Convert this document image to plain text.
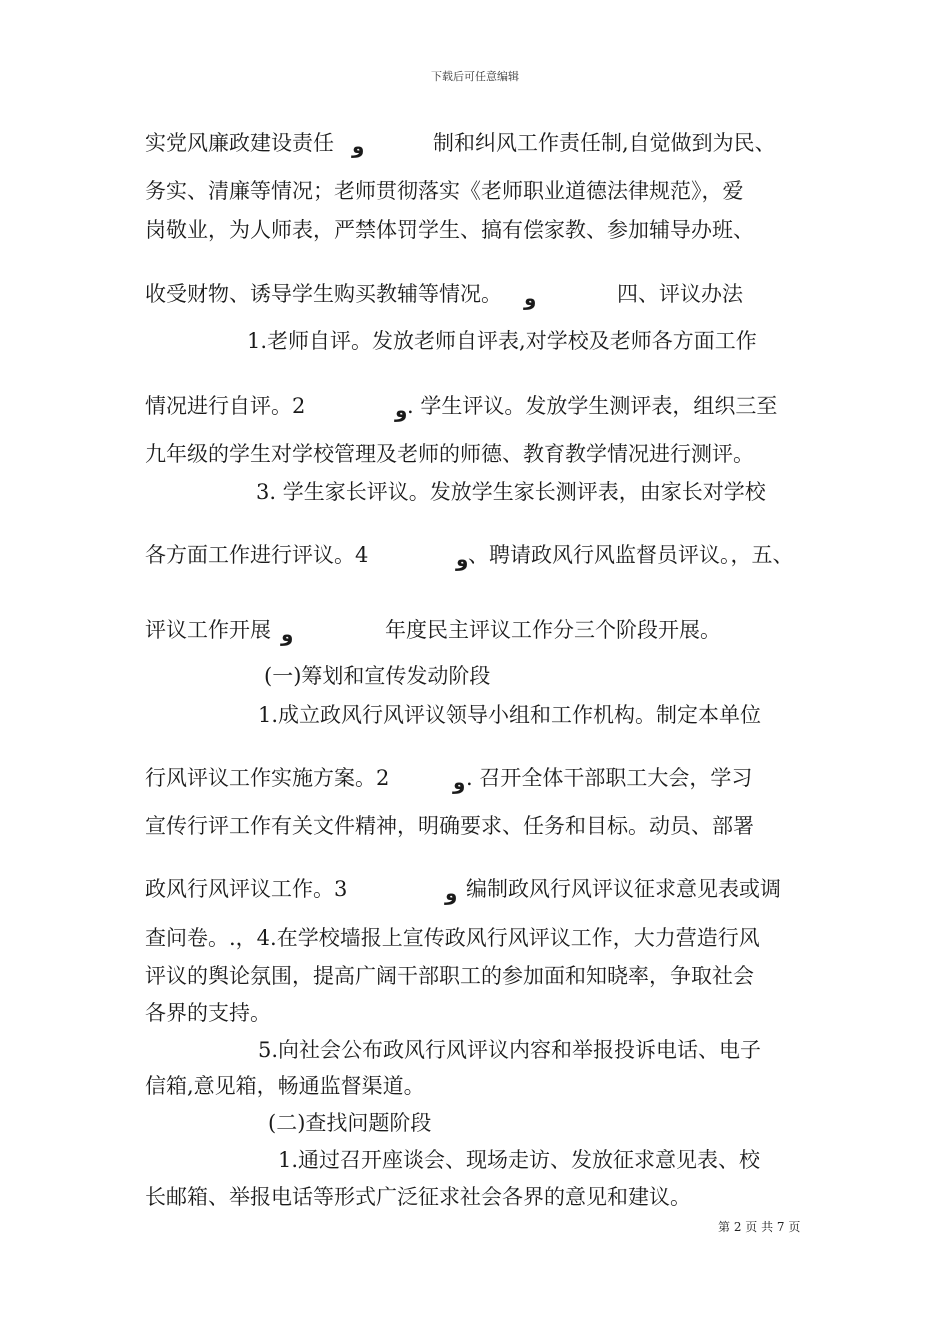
下载后可任意编辑
实党风廉政建设责任 و	制和纠风工作责任制,自觉做到为民、
务实、清廉等情况；老师贯彻落实《老师职业道德法律规范》，爱
岗敬业，为人师表，严禁体罚学生、搞有偿家教、参加辅导办班、
收受财物、诱导学生购买教辅等情况。 و	四、评议办法
1.老师自评。发放老师自评表,对学校及老师各方面工作
情况进行自评。2	و . 学生评议。发放学生测评表，组织三至
九年级的学生对学校管理及老师的师德、教育教学情况进行测评。
3. 学生家长评议。发放学生家长测评表，由家长对学校
各方面工作进行评议。4	و 、聘请政风行风监督员评议。，五、
评议工作开展 و	年度民主评议工作分三个阶段开展。
(一)筹划和宣传发动阶段
1.成立政风行风评议领导小组和工作机构。制定本单位
行风评议工作实施方案。2	و . 召开全体干部职工大会，学习
宣传行评工作有关文件精神，明确要求、任务和目标。动员、部署
政风行风评议工作。3	و 编制政风行风评议征求意见表或调
查问卷。.，4.在学校墙报上宣传政风行风评议工作，大力营造行风
评议的舆论氛围，提高广阔干部职工的参加面和知晓率，争取社会
各界的支持。
5.向社会公布政风行风评议内容和举报投诉电话、电子
信箱,意见箱，畅通监督渠道。
(二)查找问题阶段
1.通过召开座谈会、现场走访、发放征求意见表、校
长邮箱、举报电话等形式广泛征求社会各界的意见和建议。
第 2 页 共 7 页
